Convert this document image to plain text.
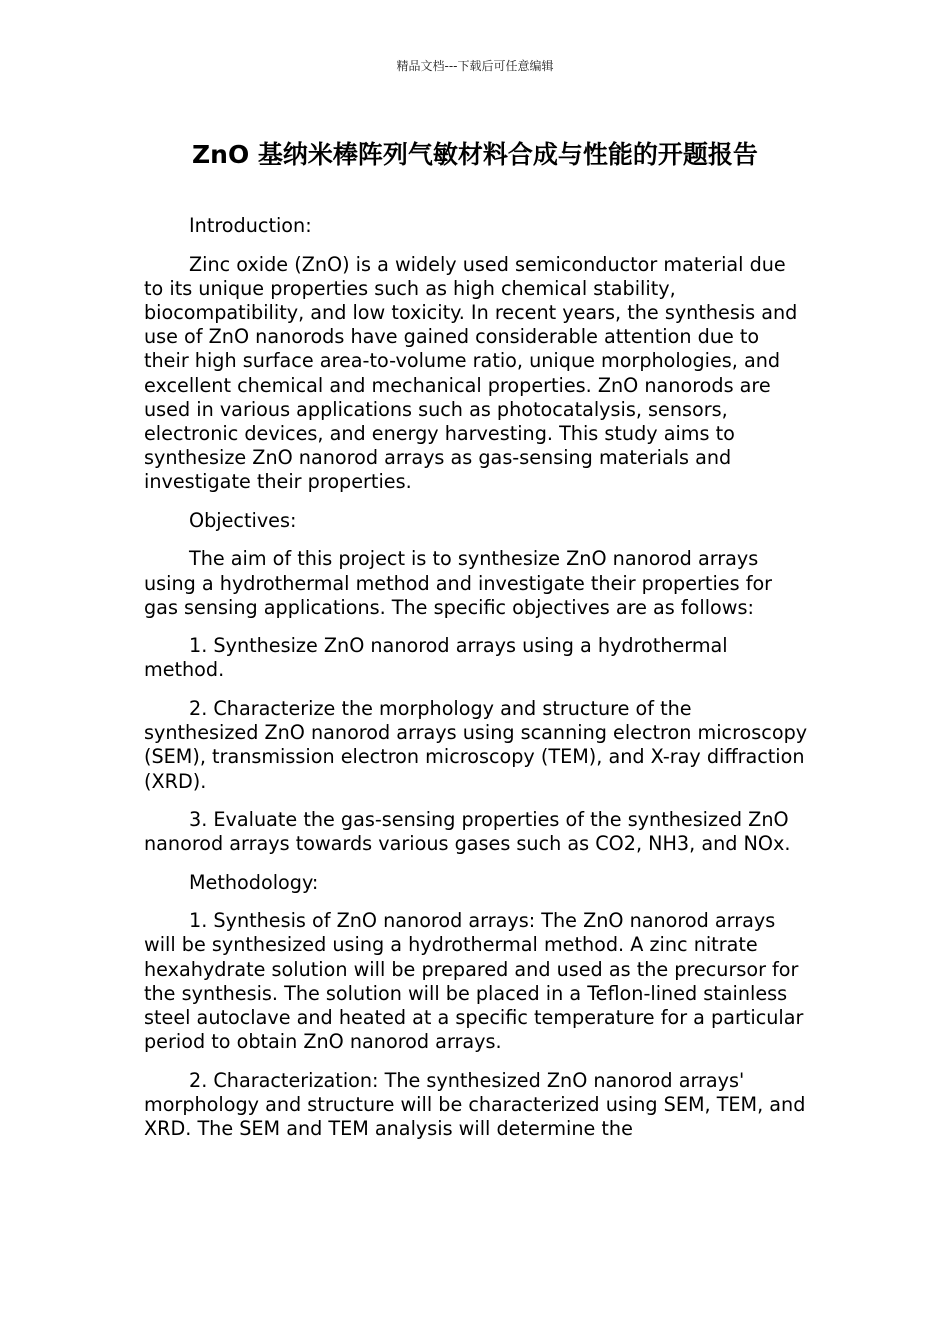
精品文档---下载后可任意编辑
ZnO 基纳米棒阵列气敏材料合成与性能的开题报告

Introduction:

Zinc oxide (ZnO) is a widely used semiconductor material due to its unique properties such as high chemical stability, biocompatibility, and low toxicity. In recent years, the synthesis and use of ZnO nanorods have gained considerable attention due to their high surface area-to-volume ratio, unique morphologies, and excellent chemical and mechanical properties. ZnO nanorods are used in various applications such as photocatalysis, sensors, electronic devices, and energy harvesting. This study aims to synthesize ZnO nanorod arrays as gas-sensing materials and investigate their properties.

Objectives:

The aim of this project is to synthesize ZnO nanorod arrays using a hydrothermal method and investigate their properties for gas sensing applications. The specific objectives are as follows:

1. Synthesize ZnO nanorod arrays using a hydrothermal method.

2. Characterize the morphology and structure of the synthesized ZnO nanorod arrays using scanning electron microscopy (SEM), transmission electron microscopy (TEM), and X-ray diffraction (XRD).

3. Evaluate the gas-sensing properties of the synthesized ZnO nanorod arrays towards various gases such as CO2, NH3, and NOx.

Methodology:

1. Synthesis of ZnO nanorod arrays: The ZnO nanorod arrays will be synthesized using a hydrothermal method. A zinc nitrate hexahydrate solution will be prepared and used as the precursor for the synthesis. The solution will be placed in a Teflon-lined stainless steel autoclave and heated at a specific temperature for a particular period to obtain ZnO nanorod arrays.

2. Characterization: The synthesized ZnO nanorod arrays' morphology and structure will be characterized using SEM, TEM, and XRD. The SEM and TEM analysis will determine the
